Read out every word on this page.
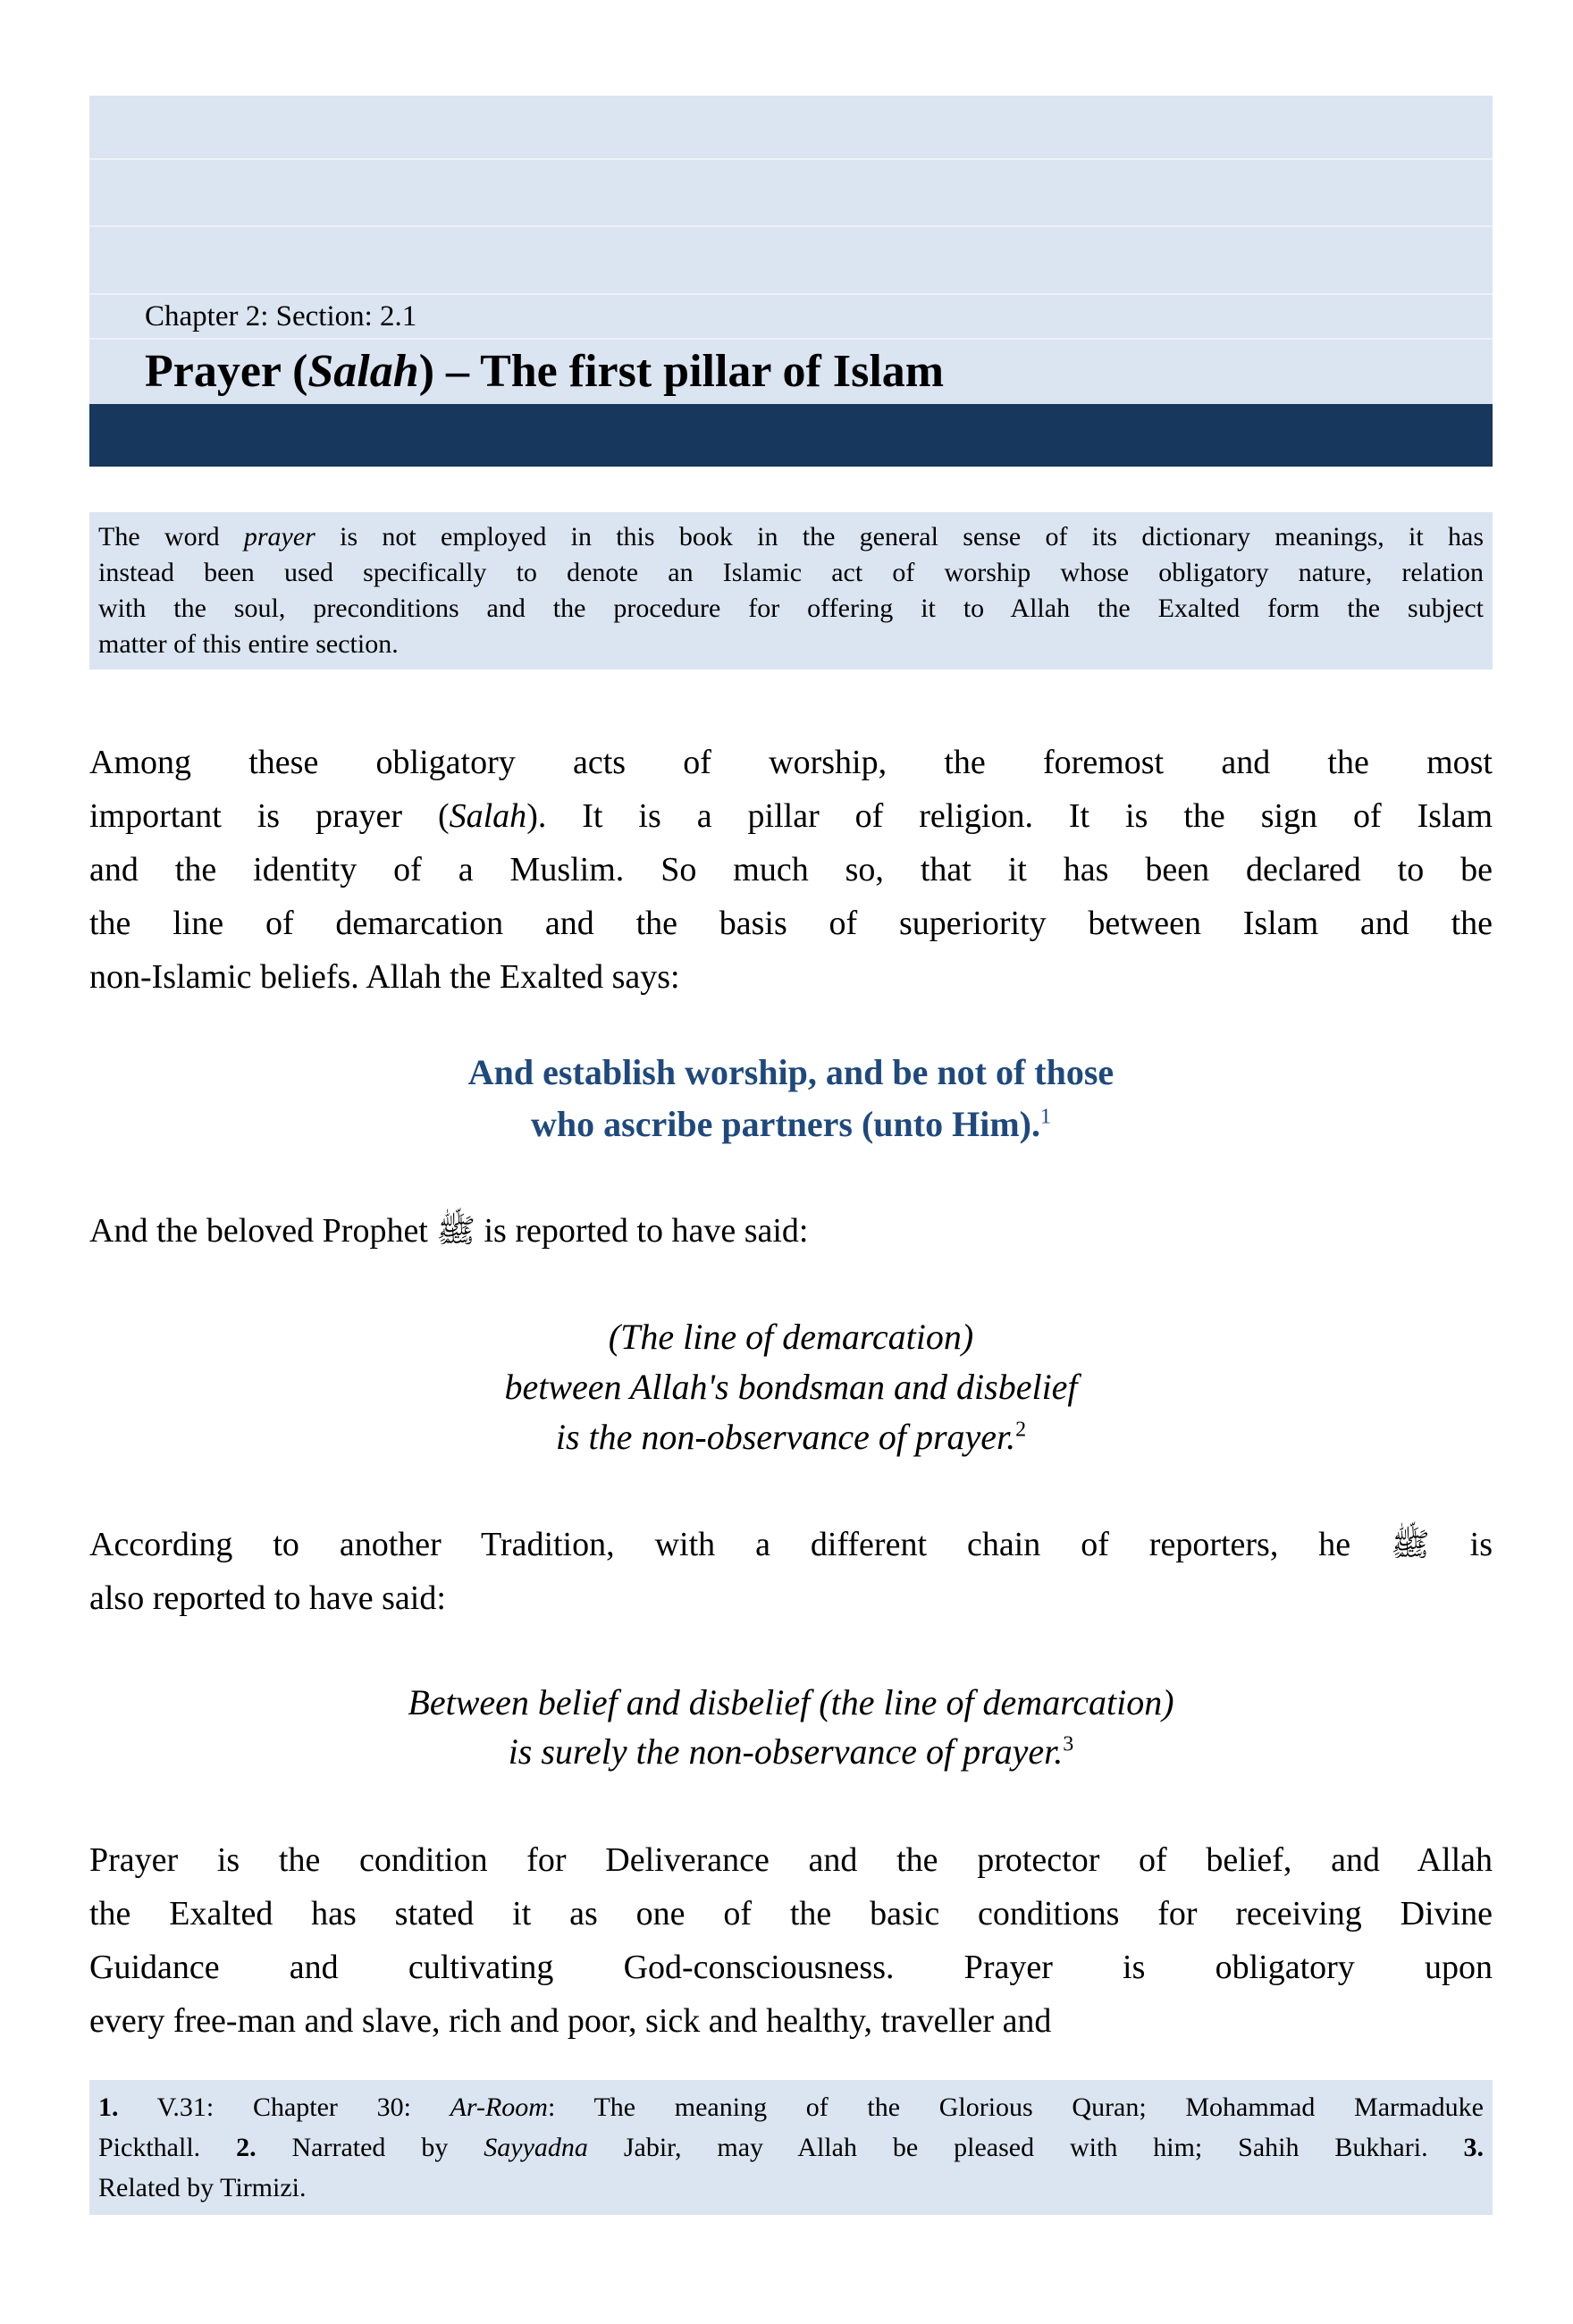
Chapter 2: Section: 2.1
Prayer (Salah) – The first pillar of Islam
The word prayer is not employed in this book in the general sense of its dictionary meanings, it has
instead been used specifically to denote an Islamic act of worship whose obligatory nature, relation
with the soul, preconditions and the procedure for offering it to Allah the Exalted form the subject
matter of this entire section.

Among these obligatory acts of worship, the foremost and the most
important is prayer (Salah). It is a pillar of religion. It is the sign of Islam
and the identity of a Muslim. So much so, that it has been declared to be
the line of demarcation and the basis of superiority between Islam and the
non-Islamic beliefs. Allah the Exalted says:

And establish worship, and be not of those
who ascribe partners (unto Him).$^1$

And the beloved Prophet ﷺ is reported to have said:

(The line of demarcation)
between Allah's bondsman and disbelief
is the non-observance of prayer.$^2$

According to another Tradition, with a different chain of reporters, he ﷺ is
also reported to have said:

Between belief and disbelief (the line of demarcation)
is surely the non-observance of prayer.$^3$

Prayer is the condition for Deliverance and the protector of belief, and Allah
the Exalted has stated it as one of the basic conditions for receiving Divine
Guidance and cultivating God-consciousness. Prayer is obligatory upon
every free-man and slave, rich and poor, sick and healthy, traveller and

1. V.31: Chapter 30: Ar-Room: The meaning of the Glorious Quran; Mohammad Marmaduke
Pickthall. 2. Narrated by Sayyadna Jabir, may Allah be pleased with him; Sahih Bukhari. 3.
Related by Tirmizi.
